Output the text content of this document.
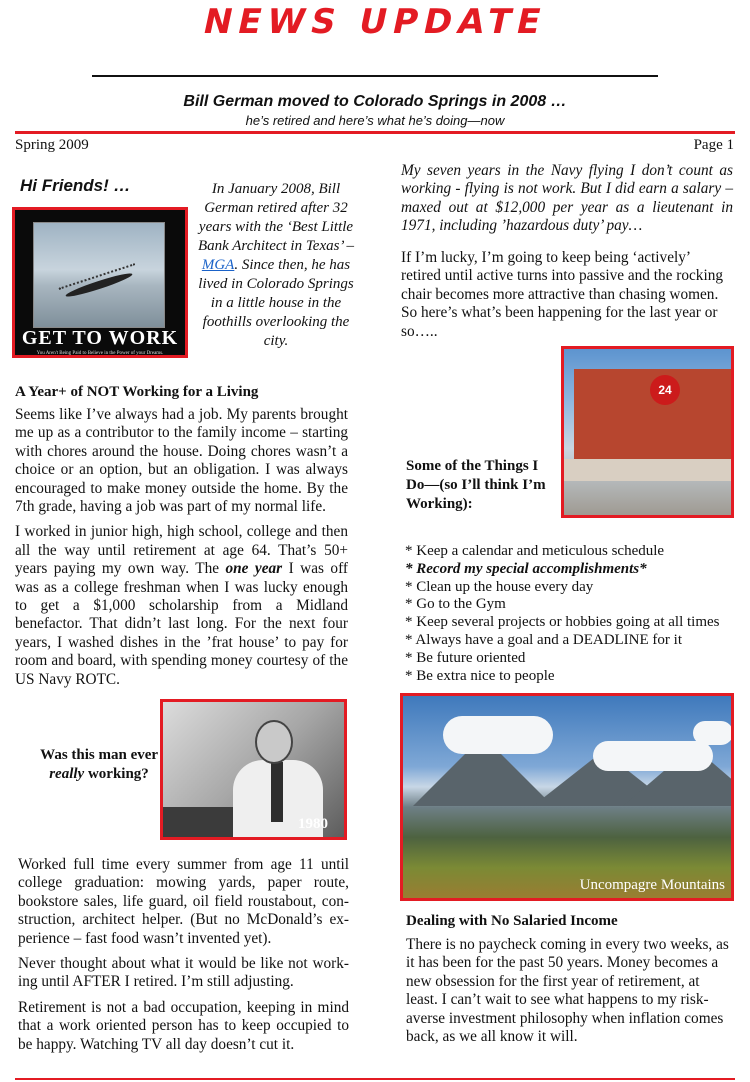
NEWS UPDATE
Bill German moved to Colorado Springs in 2008 …
he’s retired and here’s what he’s doing—now
Spring 2009	Page 1
Hi Friends! …
GET TO WORK
You Aren't Being Paid to Believe in the Power of your Dreams.
In January 2008, Bill German retired after 32 years with the ‘Best Little Bank Architect in Texas’ – MGA. Since then, he has lived in Colorado Springs in a little house in the foothills overlooking the city.
A Year+ of NOT Working for a Living

Seems like I’ve always had a job. My parents brought me up as a contributor to the family income – starting with chores around the house. Doing chores wasn’t a choice or an option, but an obligation. I was always encouraged to make money outside the home. By the 7th grade, having a job was part of my normal life.

I worked in junior high, high school, college and then all the way until retirement at age 64. That’s 50+ years paying my own way. The one year I was off was as a college freshman when I was lucky enough to get a $1,000 scholarship from a Midland benefactor. That didn’t last long. For the next four years, I washed dishes in the ’frat house’ to pay for room and board, with spending money courtesy of the US Navy ROTC.

Was this man ever really working?
1980

Worked full time every summer from age 11 until college graduation: mowing yards, paper route, bookstore sales, life guard, oil field roustabout, con-struction, architect helper. (But no McDonald’s ex-perience – fast food wasn’t invented yet).

Never thought about what it would be like not work-ing until AFTER I retired. I’m still adjusting.

Retirement is not a bad occupation, keeping in mind that a work oriented person has to keep occupied to be happy. Watching TV all day doesn’t cut it.

My seven years in the Navy flying I don’t count as working - flying is not work. But I did earn a salary – maxed out at $12,000 per year as a lieutenant in 1971, including ’hazardous duty’ pay…
If I’m lucky, I’m going to keep being ‘actively’ retired until active turns into passive and the rocking chair becomes more attractive than chasing women. So here’s what’s been happening for the last year or so…..
24
Some of the Things I Do—(so I’ll think I’m Working):
* Keep a calendar and meticulous schedule
* Record my special accomplishments*
* Clean up the house every day
* Go to the Gym
* Keep several projects or hobbies going at all times
* Always have a goal and a DEADLINE for it
* Be future oriented
* Be extra nice to people
Uncompagre Mountains
Dealing with No Salaried Income
There is no paycheck coming in every two weeks, as it has been for the past 50 years. Money becomes a new obsession for the first year of retirement, at least. I can’t wait to see what happens to my risk-averse investment philosophy when inflation comes back, as we all know it will.
